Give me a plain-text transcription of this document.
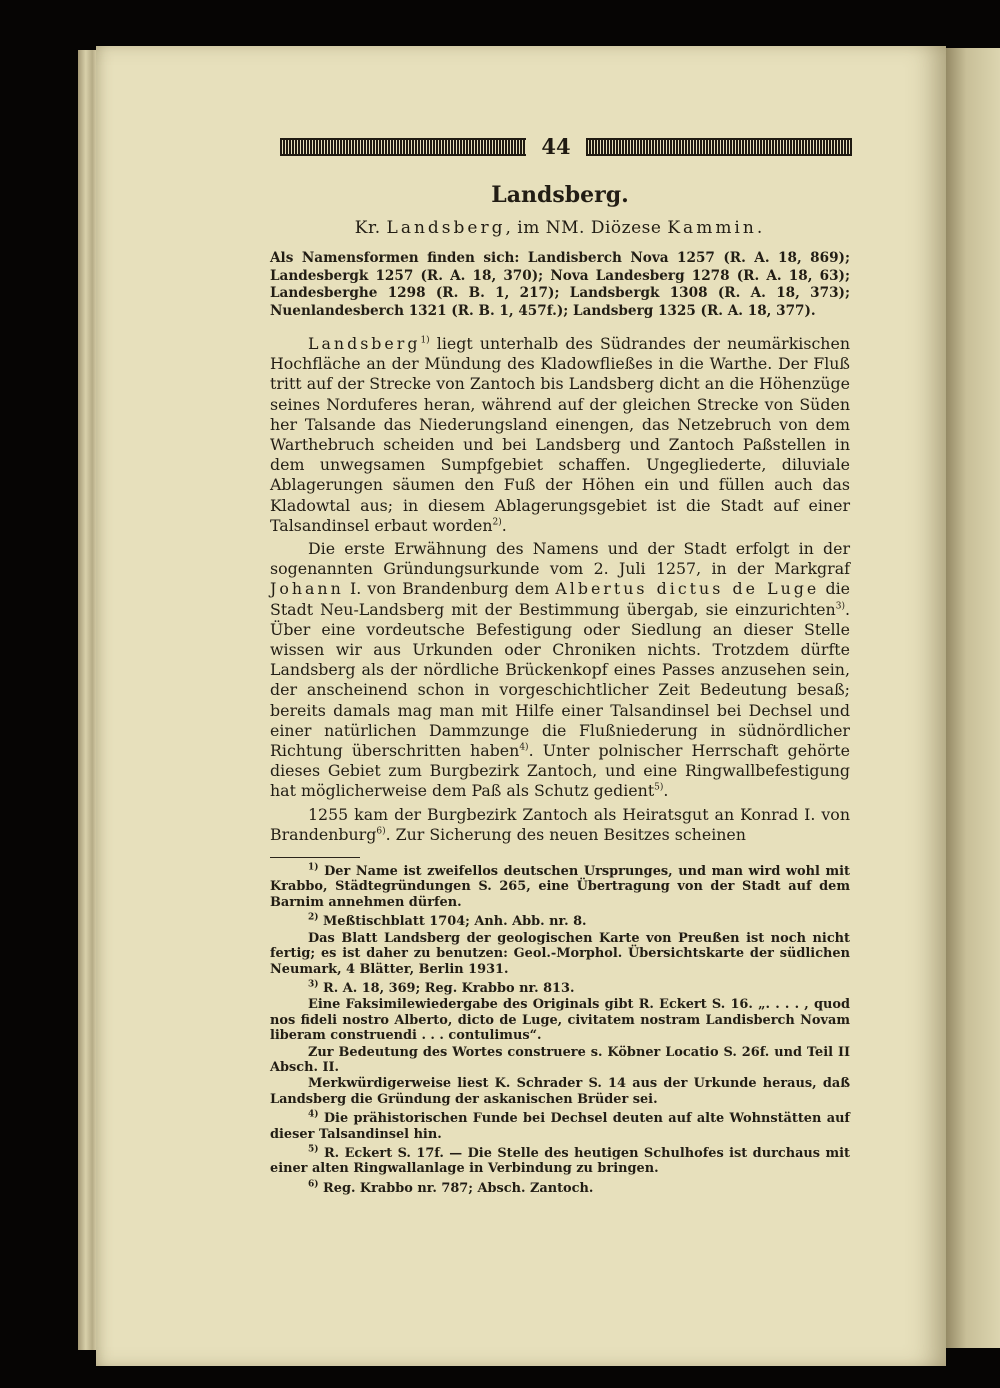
44
Landsberg.
Kr. Landsberg, im NM. Diözese Kammin.
Als Namensformen finden sich: Landisberch Nova 1257 (R. A. 18, 869); Landesbergk 1257 (R. A. 18, 370); Nova Landesberg 1278 (R. A. 18, 63); Landesberghe 1298 (R. B. 1, 217); Landsbergk 1308 (R. A. 18, 373); Nuenlandesberch 1321 (R. B. 1, 457f.); Landsberg 1325 (R. A. 18, 377).

Landsberg$^{1)}$ liegt unterhalb des Südrandes der neumärkischen Hochfläche an der Mündung des Kladowfließes in die Warthe. Der Fluß tritt auf der Strecke von Zantoch bis Landsberg dicht an die Höhenzüge seines Norduferes heran, während auf der gleichen Strecke von Süden her Talsande das Niederungsland einengen, das Netzebruch von dem Warthebruch scheiden und bei Landsberg und Zantoch Paßstellen in dem unwegsamen Sumpfgebiet schaffen. Ungegliederte, diluviale Ablagerungen säumen den Fuß der Höhen ein und füllen auch das Kladowtal aus; in diesem Ablagerungsgebiet ist die Stadt auf einer Talsandinsel erbaut worden$^{2)}$.

Die erste Erwähnung des Namens und der Stadt erfolgt in der sogenannten Gründungsurkunde vom 2. Juli 1257, in der Markgraf Johann I. von Brandenburg dem Albertus dictus de Luge die Stadt Neu-Landsberg mit der Bestimmung übergab, sie einzurichten$^{3)}$. Über eine vordeutsche Befestigung oder Siedlung an dieser Stelle wissen wir aus Urkunden oder Chroniken nichts. Trotzdem dürfte Landsberg als der nördliche Brückenkopf eines Passes anzusehen sein, der anscheinend schon in vorgeschichtlicher Zeit Bedeutung besaß; bereits damals mag man mit Hilfe einer Talsandinsel bei Dechsel und einer natürlichen Dammzunge die Flußniederung in südnördlicher Richtung überschritten haben$^{4)}$. Unter polnischer Herrschaft gehörte dieses Gebiet zum Burgbezirk Zantoch, und eine Ringwallbefestigung hat möglicherweise dem Paß als Schutz gedient$^{5)}$.

1255 kam der Burgbezirk Zantoch als Heiratsgut an Konrad I. von Brandenburg$^{6)}$. Zur Sicherung des neuen Besitzes scheinen

$^{1)}$ Der Name ist zweifellos deutschen Ursprunges, und man wird wohl mit Krabbo, Städtegründungen S. 265, eine Übertragung von der Stadt auf dem Barnim annehmen dürfen.
$^{2)}$ Meßtischblatt 1704; Anh. Abb. nr. 8.
Das Blatt Landsberg der geologischen Karte von Preußen ist noch nicht fertig; es ist daher zu benutzen: Geol.-Morphol. Übersichtskarte der südlichen Neumark, 4 Blätter, Berlin 1931.
$^{3)}$ R. A. 18, 369; Reg. Krabbo nr. 813.
Eine Faksimilewiedergabe des Originals gibt R. Eckert S. 16. „. . . . , quod nos fideli nostro Alberto, dicto de Luge, civitatem nostram Landisberch Novam liberam construendi . . . contulimus“.
Zur Bedeutung des Wortes construere s. Köbner Locatio S. 26f. und Teil II Absch. II.
Merkwürdigerweise liest K. Schrader S. 14 aus der Urkunde heraus, daß Landsberg die Gründung der askanischen Brüder sei.
$^{4)}$ Die prähistorischen Funde bei Dechsel deuten auf alte Wohnstätten auf dieser Talsandinsel hin.
$^{5)}$ R. Eckert S. 17f. — Die Stelle des heutigen Schulhofes ist durchaus mit einer alten Ringwallanlage in Verbindung zu bringen.
$^{6)}$ Reg. Krabbo nr. 787; Absch. Zantoch.
